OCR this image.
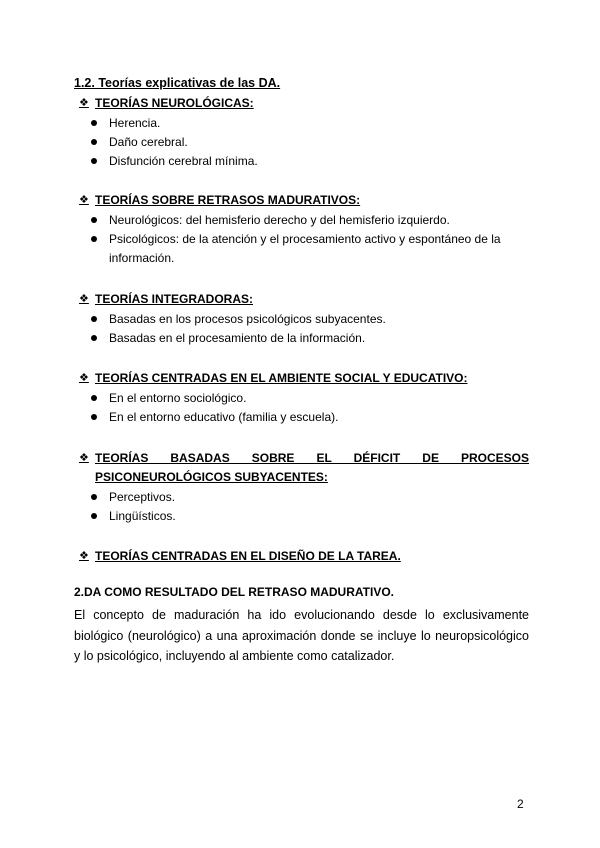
1.2. Teorías explicativas de las DA.
❖ TEORÍAS NEUROLÓGICAS:
Herencia.
Daño cerebral.
Disfunción cerebral mínima.
❖ TEORÍAS SOBRE RETRASOS MADURATIVOS:
Neurológicos: del hemisferio derecho y del hemisferio izquierdo.
Psicológicos: de la atención y el procesamiento activo y espontáneo de la información.
❖ TEORÍAS INTEGRADORAS:
Basadas en los procesos psicológicos subyacentes.
Basadas en el procesamiento de la información.
❖ TEORÍAS CENTRADAS EN EL AMBIENTE SOCIAL Y EDUCATIVO:
En el entorno sociológico.
En el entorno educativo (familia y escuela).
❖ TEORÍAS BASADAS SOBRE EL DÉFICIT DE PROCESOS PSICONEUROLÓGICOS SUBYACENTES:
Perceptivos.
Lingüísticos.
❖ TEORÍAS CENTRADAS EN EL DISEÑO DE LA TAREA.
2.DA COMO RESULTADO DEL RETRASO MADURATIVO.
El concepto de maduración ha ido evolucionando desde lo exclusivamente biológico (neurológico) a una aproximación donde se incluye lo neuropsicológico y lo psicológico, incluyendo al ambiente como catalizador.
2
